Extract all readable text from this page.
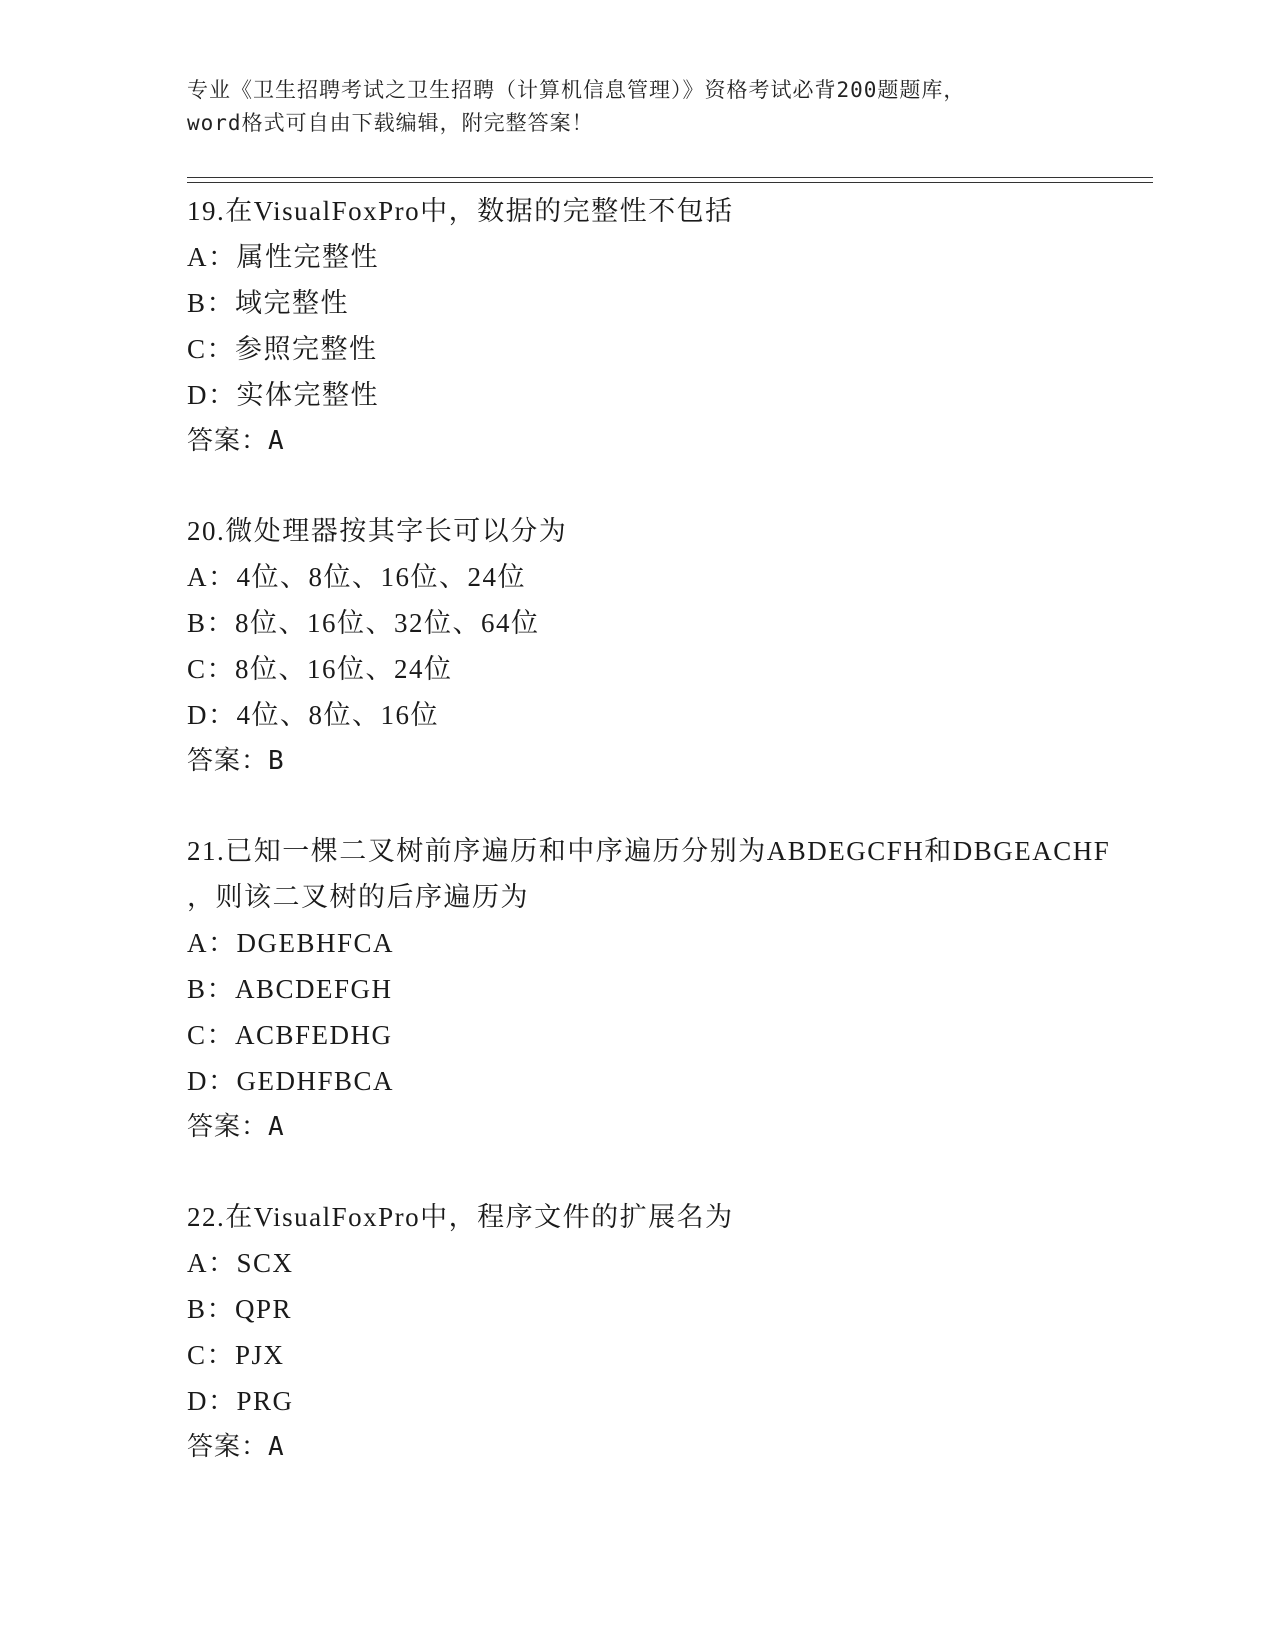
专业《卫生招聘考试之卫生招聘（计算机信息管理）》资格考试必背200题题库，
word格式可自由下载编辑，附完整答案！
19.在VisualFoxPro中，数据的完整性不包括
A：属性完整性
B：域完整性
C：参照完整性
D：实体完整性
答案：A
20.微处理器按其字长可以分为
A：4位、8位、16位、24位
B：8位、16位、32位、64位
C：8位、16位、24位
D：4位、8位、16位
答案：B
21.已知一棵二叉树前序遍历和中序遍历分别为ABDEGCFH和DBGEACHF
，则该二叉树的后序遍历为
A：DGEBHFCA
B：ABCDEFGH
C：ACBFEDHG
D：GEDHFBCA
答案：A
22.在VisualFoxPro中，程序文件的扩展名为
A：SCX
B：QPR
C：PJX
D：PRG
答案：A
